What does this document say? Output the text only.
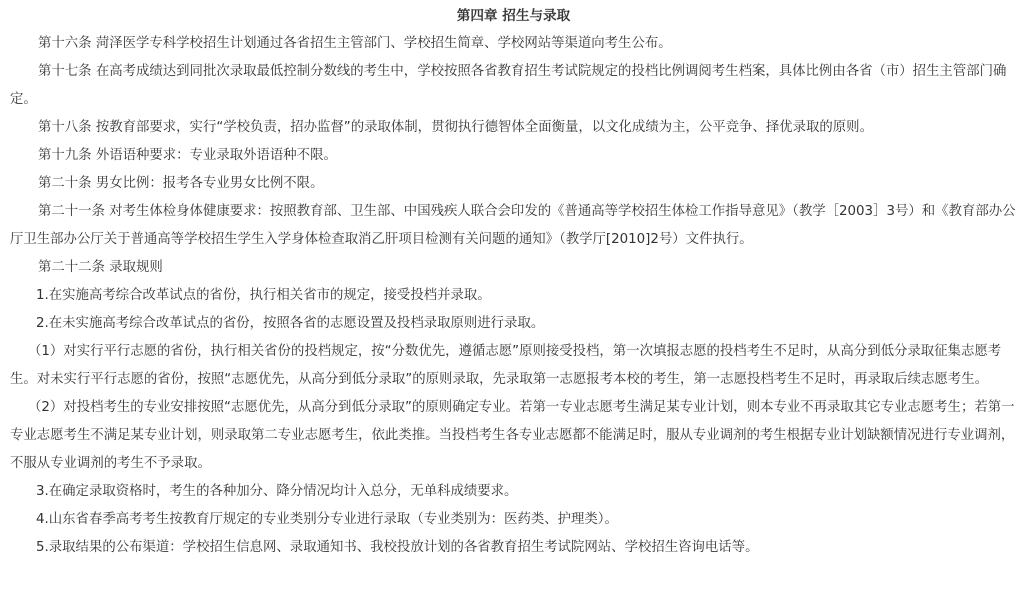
第四章 招生与录取

第十六条 菏泽医学专科学校招生计划通过各省招生主管部门、学校招生简章、学校网站等渠道向考生公布。

第十七条 在高考成绩达到同批次录取最低控制分数线的考生中，学校按照各省教育招生考试院规定的投档比例调阅考生档案，具体比例由各省（市）招生主管部门确定。

第十八条 按教育部要求，实行“学校负责，招办监督”的录取体制，贯彻执行德智体全面衡量，以文化成绩为主，公平竞争、择优录取的原则。

第十九条 外语语种要求：专业录取外语语种不限。

第二十条 男女比例：报考各专业男女比例不限。

第二十一条 对考生体检身体健康要求：按照教育部、卫生部、中国残疾人联合会印发的《普通高等学校招生体检工作指导意见》（教学［2003］3号）和《教育部办公厅卫生部办公厅关于普通高等学校招生学生入学身体检查取消乙肝项目检测有关问题的通知》（教学厅[2010]2号）文件执行。

第二十二条 录取规则

1.在实施高考综合改革试点的省份，执行相关省市的规定，接受投档并录取。

2.在未实施高考综合改革试点的省份，按照各省的志愿设置及投档录取原则进行录取。

（1）对实行平行志愿的省份，执行相关省份的投档规定，按“分数优先，遵循志愿”原则接受投档，第一次填报志愿的投档考生不足时，从高分到低分录取征集志愿考生。对未实行平行志愿的省份，按照“志愿优先，从高分到低分录取”的原则录取，先录取第一志愿报考本校的考生，第一志愿投档考生不足时，再录取后续志愿考生。

（2）对投档考生的专业安排按照“志愿优先，从高分到低分录取”的原则确定专业。若第一专业志愿考生满足某专业计划，则本专业不再录取其它专业志愿考生；若第一专业志愿考生不满足某专业计划，则录取第二专业志愿考生，依此类推。当投档考生各专业志愿都不能满足时，服从专业调剂的考生根据专业计划缺额情况进行专业调剂，不服从专业调剂的考生不予录取。

3.在确定录取资格时，考生的各种加分、降分情况均计入总分，无单科成绩要求。

4.山东省春季高考考生按教育厅规定的专业类别分专业进行录取（专业类别为：医药类、护理类）。

5.录取结果的公布渠道：学校招生信息网、录取通知书、我校投放计划的各省教育招生考试院网站、学校招生咨询电话等。
